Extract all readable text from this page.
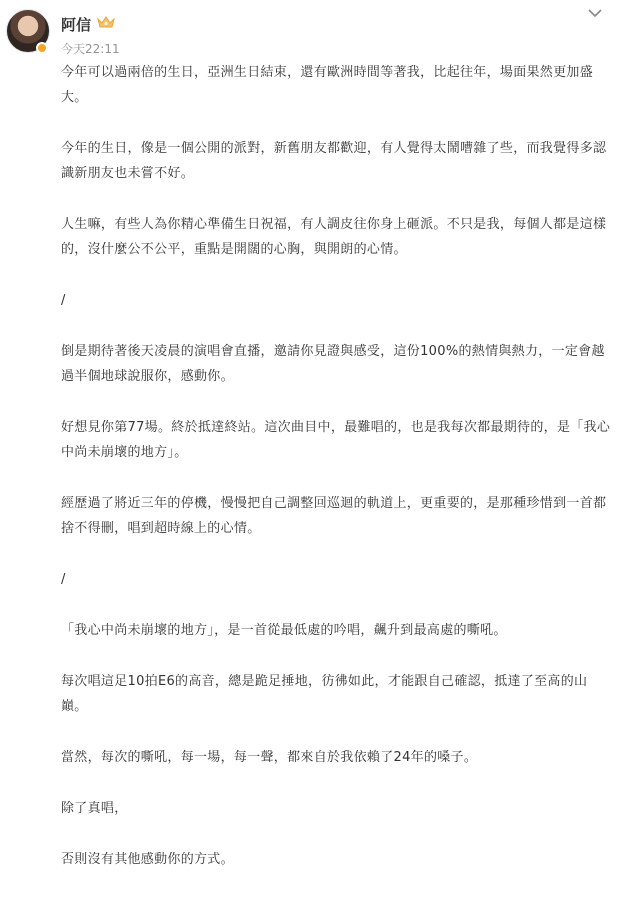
阿信
今天22:11

今年可以過兩倍的生日，亞洲生日結束，還有歐洲時間等著我，比起往年，場面果然更加盛大。

今年的生日，像是一個公開的派對，新舊朋友都歡迎，有人覺得太鬧嘈雜了些，而我覺得多認識新朋友也未嘗不好。

人生嘛，有些人為你精心準備生日祝福，有人調皮往你身上砸派。不只是我，每個人都是這樣的，沒什麼公不公平，重點是開闊的心胸，與開朗的心情。

/

倒是期待著後天凌晨的演唱會直播，邀請你見證與感受，這份100%的熱情與熱力，一定會越過半個地球說服你，感動你。

好想見你第77場。終於抵達終站。這次曲目中，最難唱的，也是我每次都最期待的，是「我心中尚未崩壞的地方」。

經歷過了將近三年的停機，慢慢把自己調整回巡迴的軌道上，更重要的，是那種珍惜到一首都捨不得刪，唱到超時線上的心情。

/

「我心中尚未崩壞的地方」，是一首從最低處的吟唱，飆升到最高處的嘶吼。

每次唱這足10拍E6的高音，總是跪足捶地，彷彿如此，才能跟自己確認，抵達了至高的山巔。

當然，每次的嘶吼，每一場，每一聲，都來自於我依賴了24年的嗓子。

除了真唱，

否則沒有其他感動你的方式。
